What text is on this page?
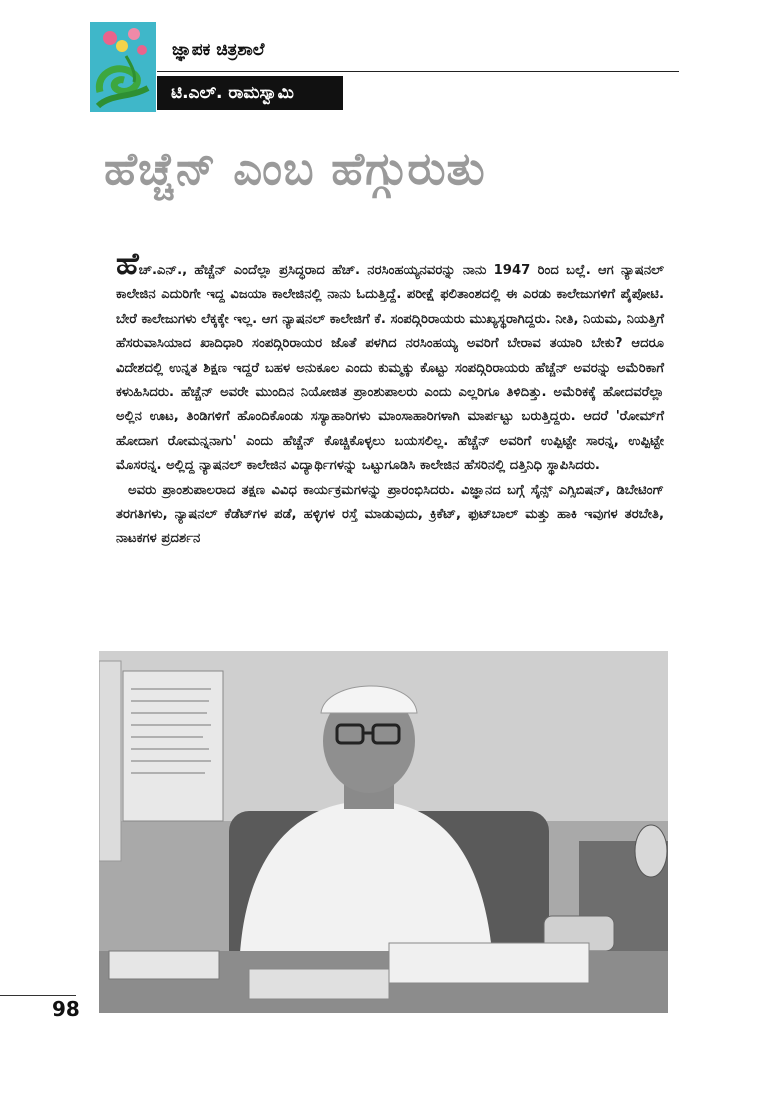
ಜ್ಞಾಪಕ ಚಿತ್ರಶಾಲೆ
ಟಿ.ಎಲ್. ರಾಮಸ್ವಾಮಿ
ಹೆಚ್ಚೆನ್ ಎಂಬ ಹೆಗ್ಗುರುತು

ಹೆಚ್.ಎನ್., ಹೆಚ್ಚೆನ್ ಎಂದೆಲ್ಲಾ ಪ್ರಸಿದ್ಧರಾದ ಹೆಚ್. ನರಸಿಂಹಯ್ಯನವರನ್ನು ನಾನು 1947 ರಿಂದ ಬಲ್ಲೆ. ಆಗ ನ್ಯಾಷನಲ್ ಕಾಲೇಜಿನ ಎದುರಿಗೇ ಇದ್ದ ವಿಜಯಾ ಕಾಲೇಜಿನಲ್ಲಿ ನಾನು ಓದುತ್ತಿದ್ದೆ. ಪರೀಕ್ಷೆ ಫಲಿತಾಂಶದಲ್ಲಿ ಈ ಎರಡು ಕಾಲೇಜುಗಳಿಗೆ ಪೈಪೋಟಿ. ಬೇರೆ ಕಾಲೇಜುಗಳು ಲೆಕ್ಕಕ್ಕೇ ಇಲ್ಲ. ಆಗ ನ್ಯಾಷನಲ್ ಕಾಲೇಜಿಗೆ ಕೆ. ಸಂಪದ್ಗಿರಿರಾಯರು ಮುಖ್ಯಸ್ಥರಾಗಿದ್ದರು. ನೀತಿ, ನಿಯಮ, ನಿಯತ್ತಿಗೆ ಹೆಸರುವಾಸಿಯಾದ ಖಾದಿಧಾರಿ ಸಂಪದ್ಗಿರಿರಾಯರ ಜೊತೆ ಪಳಗಿದ ನರಸಿಂಹಯ್ಯ ಅವರಿಗೆ ಬೇರಾವ ತಯಾರಿ ಬೇಕು? ಆದರೂ ವಿದೇಶದಲ್ಲಿ ಉನ್ನತ ಶಿಕ್ಷಣ ಇದ್ದರೆ ಬಹಳ ಅನುಕೂಲ ಎಂದು ಕುಮ್ಮಕ್ಕು ಕೊಟ್ಟು ಸಂಪದ್ಗಿರಿರಾಯರು ಹೆಚ್ಚೆನ್ ಅವರನ್ನು ಅಮೆರಿಕಾಗೆ ಕಳುಹಿಸಿದರು. ಹೆಚ್ಚೆನ್ ಅವರೇ ಮುಂದಿನ ನಿಯೋಜಿತ ಪ್ರಾಂಶುಪಾಲರು ಎಂದು ಎಲ್ಲರಿಗೂ ತಿಳಿದಿತ್ತು. ಅಮೆರಿಕಕ್ಕೆ ಹೋದವರೆಲ್ಲಾ ಅಲ್ಲಿನ ಊಟ, ತಿಂಡಿಗಳಿಗೆ ಹೊಂದಿಕೊಂಡು ಸಸ್ಯಾಹಾರಿಗಳು ಮಾಂಸಾಹಾರಿಗಳಾಗಿ ಮಾರ್ಪಟ್ಟು ಬರುತ್ತಿದ್ದರು. ಆದರೆ 'ರೋಮ್‌ಗೆ ಹೋದಾಗ ರೋಮನ್ನನಾಗು' ಎಂದು ಹೆಚ್ಚೆನ್ ಕೊಚ್ಚಿಕೊಳ್ಳಲು ಬಯಸಲಿಲ್ಲ. ಹೆಚ್ಚೆನ್ ಅವರಿಗೆ ಉಪ್ಪಿಟ್ಟೇ ಸಾರನ್ನ, ಉಪ್ಪಿಟ್ಟೇ ಮೊಸರನ್ನ. ಅಲ್ಲಿದ್ದ ನ್ಯಾಷನಲ್ ಕಾಲೇಜಿನ ವಿದ್ಯಾರ್ಥಿಗಳನ್ನು ಒಟ್ಟುಗೂಡಿಸಿ ಕಾಲೇಜಿನ ಹೆಸರಿನಲ್ಲಿ ದತ್ತಿನಿಧಿ ಸ್ಥಾಪಿಸಿದರು.

ಅವರು ಪ್ರಾಂಶುಪಾಲರಾದ ತಕ್ಷಣ ವಿವಿಧ ಕಾರ್ಯಕ್ರಮಗಳನ್ನು ಪ್ರಾರಂಭಿಸಿದರು. ವಿಜ್ಞಾನದ ಬಗ್ಗೆ ಸೈನ್ಸ್ ಎಗ್ಸಿಬಿಷನ್, ಡಿಬೇಟಿಂಗ್ ತರಗತಿಗಳು, ನ್ಯಾಷನಲ್ ಕೆಡೆಟ್‌ಗಳ ಪಡೆ, ಹಳ್ಳಿಗಳ ರಸ್ತೆ ಮಾಡುವುದು, ಕ್ರಿಕೆಟ್, ಫುಟ್‌ಬಾಲ್ ಮತ್ತು ಹಾಕಿ ಇವುಗಳ ತರಬೇತಿ, ನಾಟಕಗಳ ಪ್ರದರ್ಶನ

98
